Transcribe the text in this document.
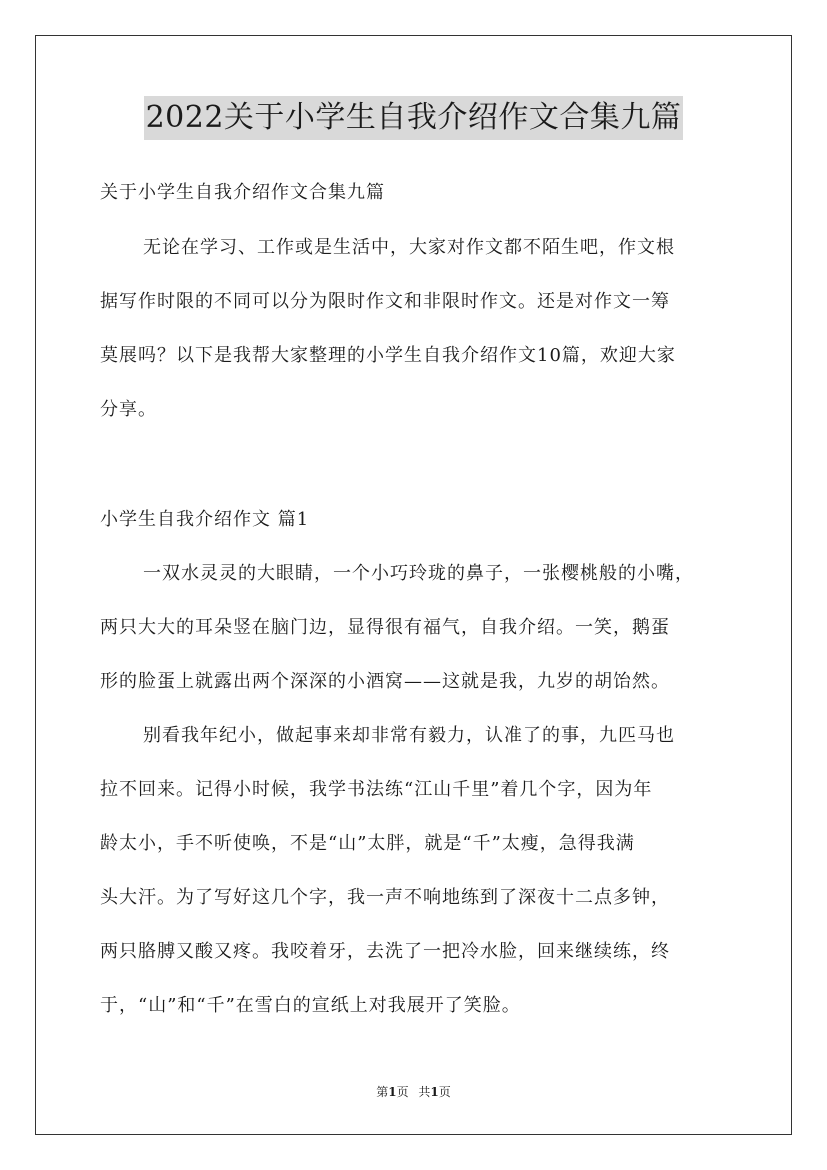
2022关于小学生自我介绍作文合集九篇
关于小学生自我介绍作文合集九篇
无论在学习、工作或是生活中，大家对作文都不陌生吧，作文根
据写作时限的不同可以分为限时作文和非限时作文。还是对作文一筹
莫展吗？以下是我帮大家整理的小学生自我介绍作文10篇，欢迎大家
分享。
小学生自我介绍作文 篇1
一双水灵灵的大眼睛，一个小巧玲珑的鼻子，一张樱桃般的小嘴，
两只大大的耳朵竖在脑门边，显得很有福气，自我介绍。一笑，鹅蛋
形的脸蛋上就露出两个深深的小酒窝——这就是我，九岁的胡饴然。
别看我年纪小，做起事来却非常有毅力，认准了的事，九匹马也
拉不回来。记得小时候，我学书法练“江山千里”着几个字，因为年
龄太小，手不听使唤，不是“山”太胖，就是“千”太瘦，急得我满
头大汗。为了写好这几个字，我一声不响地练到了深夜十二点多钟，
两只胳膊又酸又疼。我咬着牙，去洗了一把冷水脸，回来继续练，终
于，“山”和“千”在雪白的宣纸上对我展开了笑脸。
第1页 共1页
